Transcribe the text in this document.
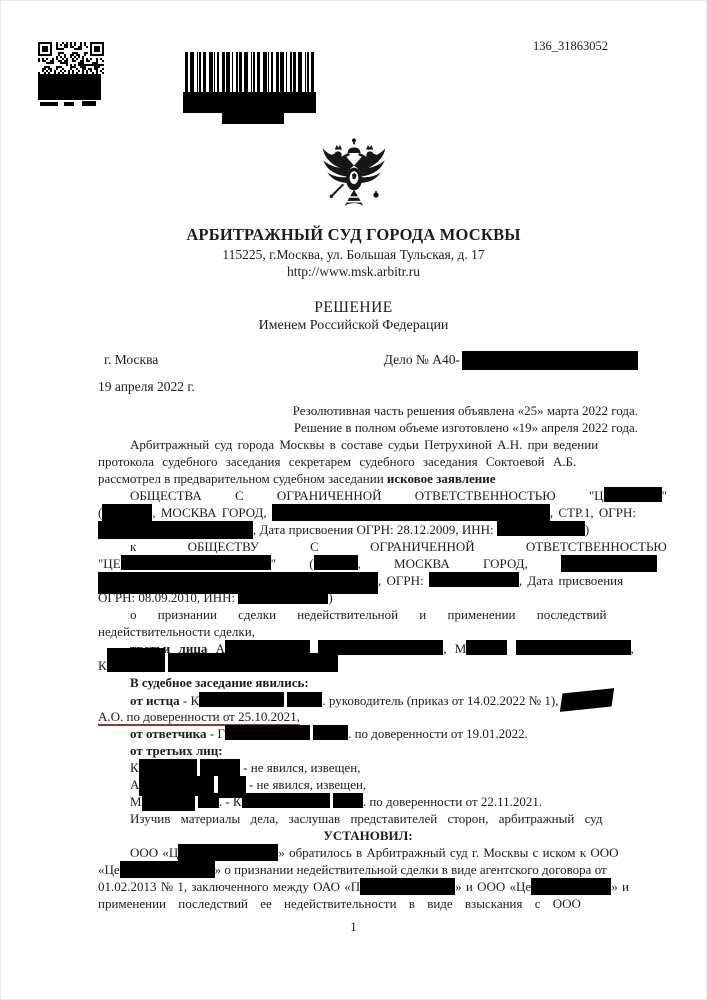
136_31863052
АРБИТРАЖНЫЙ СУД ГОРОДА МОСКВЫ
115225, г.Москва, ул. Большая Тульская, д. 17
http://www.msk.arbitr.ru
РЕШЕНИЕ
Именем Российской Федерации
г. Москва	Дело № А40-
19 апреля 2022 г.
Резолютивная часть решения объявлена «25» марта 2022 года.
Решение в полном объеме изготовлено «19» апреля 2022 года.
Арбитражный суд города Москвы в составе судьи Петрухиной А.Н. при ведении
протокола судебного заседания секретарем судебного заседания Соктоевой А.Б.
рассмотрел в предварительном судебном заседании исковое заявление
ОБЩЕСТВА С ОГРАНИЧЕННОЙ ОТВЕТСТВЕННОСТЬЮ "Ц	"
(	, МОСКВА ГОРОД,	, СТР.1, ОГРН:
, Дата присвоения ОГРН: 28.12.2009, ИНН:	)
к ОБЩЕСТВУ С ОГРАНИЧЕННОЙ ОТВЕТСТВЕННОСТЬЮ
"ЦЕ	" (	, МОСКВА ГОРОД,
, ОГРН:	, Дата присвоения
ОГРН: 08.09.2010, ИНН:	)
о признании сделки недействительной и применении последствий
недействительности сделки,
третьи лица А	, М	,
К
В судебное заседание явились:
от истца - К	. руководитель (приказ от 14.02.2022 № 1),
А.О. по доверенности от 25.10.2021,
от ответчика - Г	. по доверенности от 19.01.2022.
от третьих лиц:
К	- не явился, извещен,
А	- не явился, извещен,
М	. - К	. по доверенности от 22.11.2021.
Изучив материалы дела, заслушав представителей сторон, арбитражный суд
УСТАНОВИЛ:
ООО «Ц	» обратилось в Арбитражный суд г. Москвы с иском к ООО
«Це	» о признании недействительной сделки в виде агентского договора от
01.02.2013 № 1, заключенного между ОАО «П	» и ООО «Це	» и
применении последствий ее недействительности в виде взыскания с ООО
1
